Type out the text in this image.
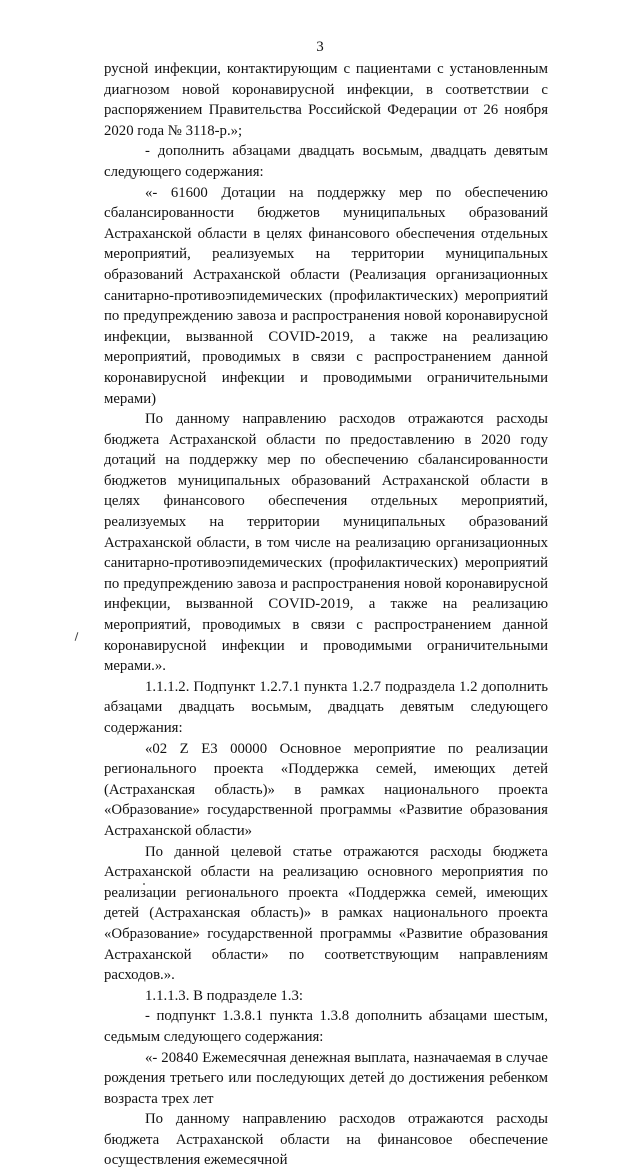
3

русной инфекции, контактирующим с пациентами с установленным диагнозом новой коронавирусной инфекции, в соответствии с распоряжением Правительства Российской Федерации от 26 ноября 2020 года № 3118-р.»;

- дополнить абзацами двадцать восьмым, двадцать девятым следующего содержания:

«- 61600 Дотации на поддержку мер по обеспечению сбалансированности бюджетов муниципальных образований Астраханской области в целях финансового обеспечения отдельных мероприятий, реализуемых на территории муниципальных образований Астраханской области (Реализация организационных санитарно-противоэпидемических (профилактических) мероприятий по предупреждению завоза и распространения новой коронавирусной инфекции, вызванной COVID-2019, а также на реализацию мероприятий, проводимых в связи с распространением данной коронавирусной инфекции и проводимыми ограничительными мерами)

По данному направлению расходов отражаются расходы бюджета Астраханской области по предоставлению в 2020 году дотаций на поддержку мер по обеспечению сбалансированности бюджетов муниципальных образований Астраханской области в целях финансового обеспечения отдельных мероприятий, реализуемых на территории муниципальных образований Астраханской области, в том числе на реализацию организационных санитарно-противоэпидемических (профилактических) мероприятий по предупреждению завоза и распространения новой коронавирусной инфекции, вызванной COVID-2019, а также на реализацию мероприятий, проводимых в связи с распространением данной коронавирусной инфекции и проводимыми ограничительными мерами.».

1.1.1.2. Подпункт 1.2.7.1 пункта 1.2.7 подраздела 1.2 дополнить абзацами двадцать восьмым, двадцать девятым следующего содержания:

«02 Z E3 00000 Основное мероприятие по реализации регионального проекта «Поддержка семей, имеющих детей (Астраханская область)» в рамках национального проекта «Образование» государственной программы «Развитие образования Астраханской области»

По данной целевой статье отражаются расходы бюджета Астраханской области на реализацию основного мероприятия по реализации регионального проекта «Поддержка семей, имеющих детей (Астраханская область)» в рамках национального проекта «Образование» государственной программы «Развитие образования Астраханской области» по соответствующим направлениям расходов.».

1.1.1.3. В подразделе 1.3:

- подпункт 1.3.8.1 пункта 1.3.8 дополнить абзацами шестым, седьмым следующего содержания:

«- 20840 Ежемесячная денежная выплата, назначаемая в случае рождения третьего или последующих детей до достижения ребенком возраста трех лет

По данному направлению расходов отражаются расходы бюджета Астраханской области на финансовое обеспечение осуществления ежемесячной
